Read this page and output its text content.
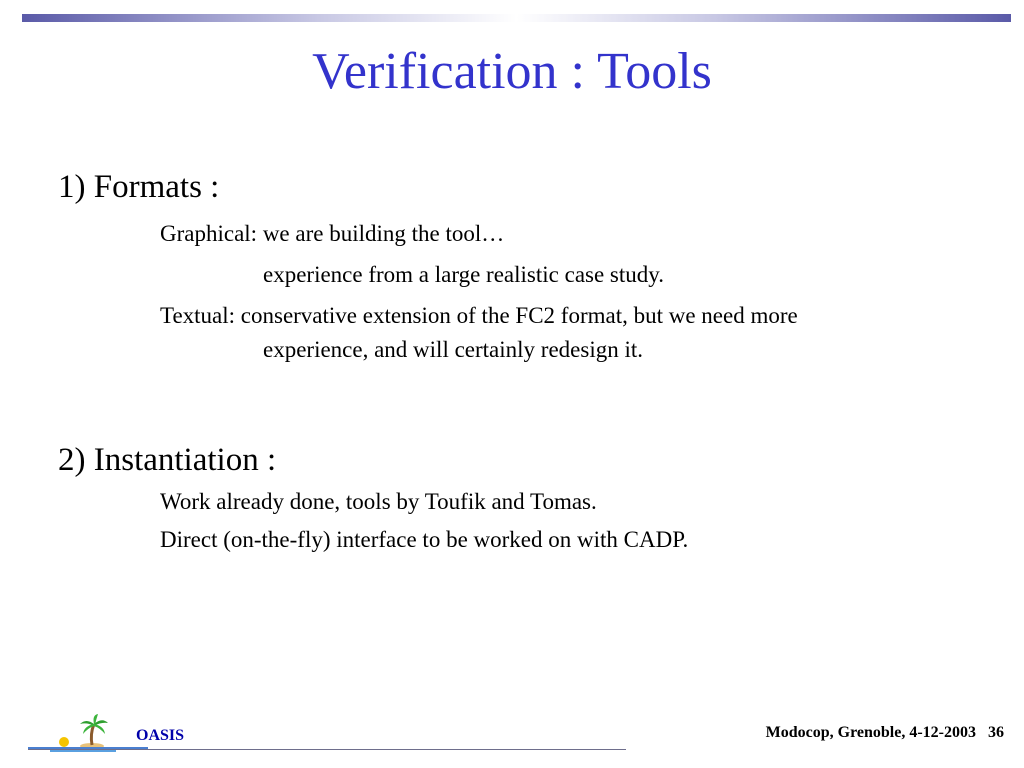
Verification : Tools
1) Formats :
Graphical: we are building the tool…
experience from a large realistic case study.
Textual: conservative extension of the FC2 format, but we need more
experience, and will certainly redesign it.
2) Instantiation :
Work already done, tools by Toufik and Tomas.
Direct (on-the-fly) interface to be worked on with CADP.
OASIS	Modocop, Grenoble, 4-12-2003 36
